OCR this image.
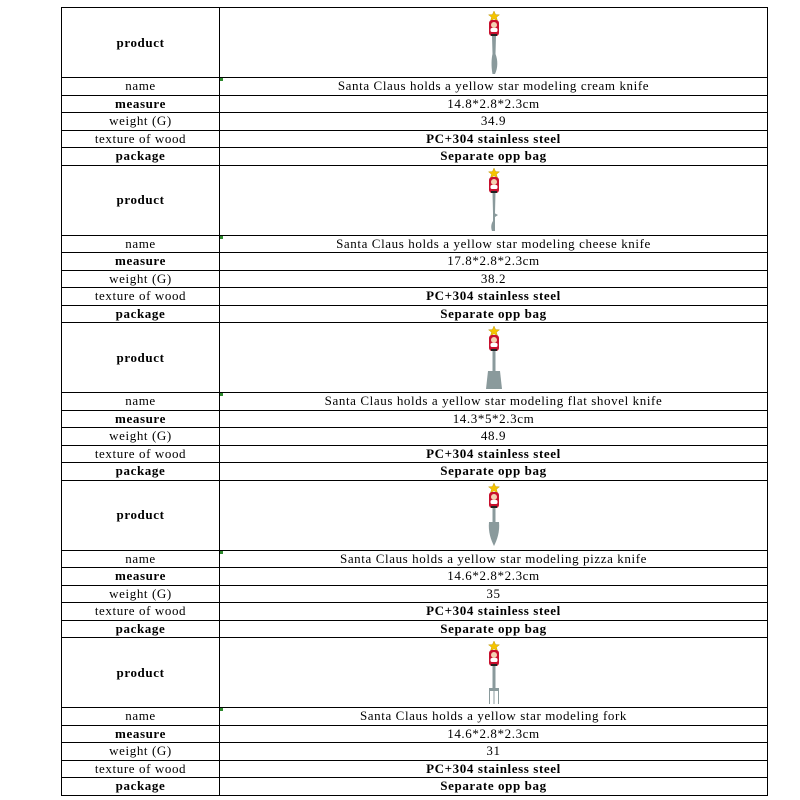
product	

name	Santa Claus holds a yellow star modeling cream knife
measure	14.8*2.8*2.3cm
weight (G)	34.9
texture of wood	PC+304 stainless steel
package	Separate opp bag
product	

name	Santa Claus holds a yellow star modeling cheese knife
measure	17.8*2.8*2.3cm
weight (G)	38.2
texture of wood	PC+304 stainless steel
package	Separate opp bag
product	

name	Santa Claus holds a yellow star modeling flat shovel knife
measure	14.3*5*2.3cm
weight (G)	48.9
texture of wood	PC+304 stainless steel
package	Separate opp bag
product	

name	Santa Claus holds a yellow star modeling pizza knife
measure	14.6*2.8*2.3cm
weight (G)	35
texture of wood	PC+304 stainless steel
package	Separate opp bag
product	

name	Santa Claus holds a yellow star modeling fork
measure	14.6*2.8*2.3cm
weight (G)	31
texture of wood	PC+304 stainless steel
package	Separate opp bag
